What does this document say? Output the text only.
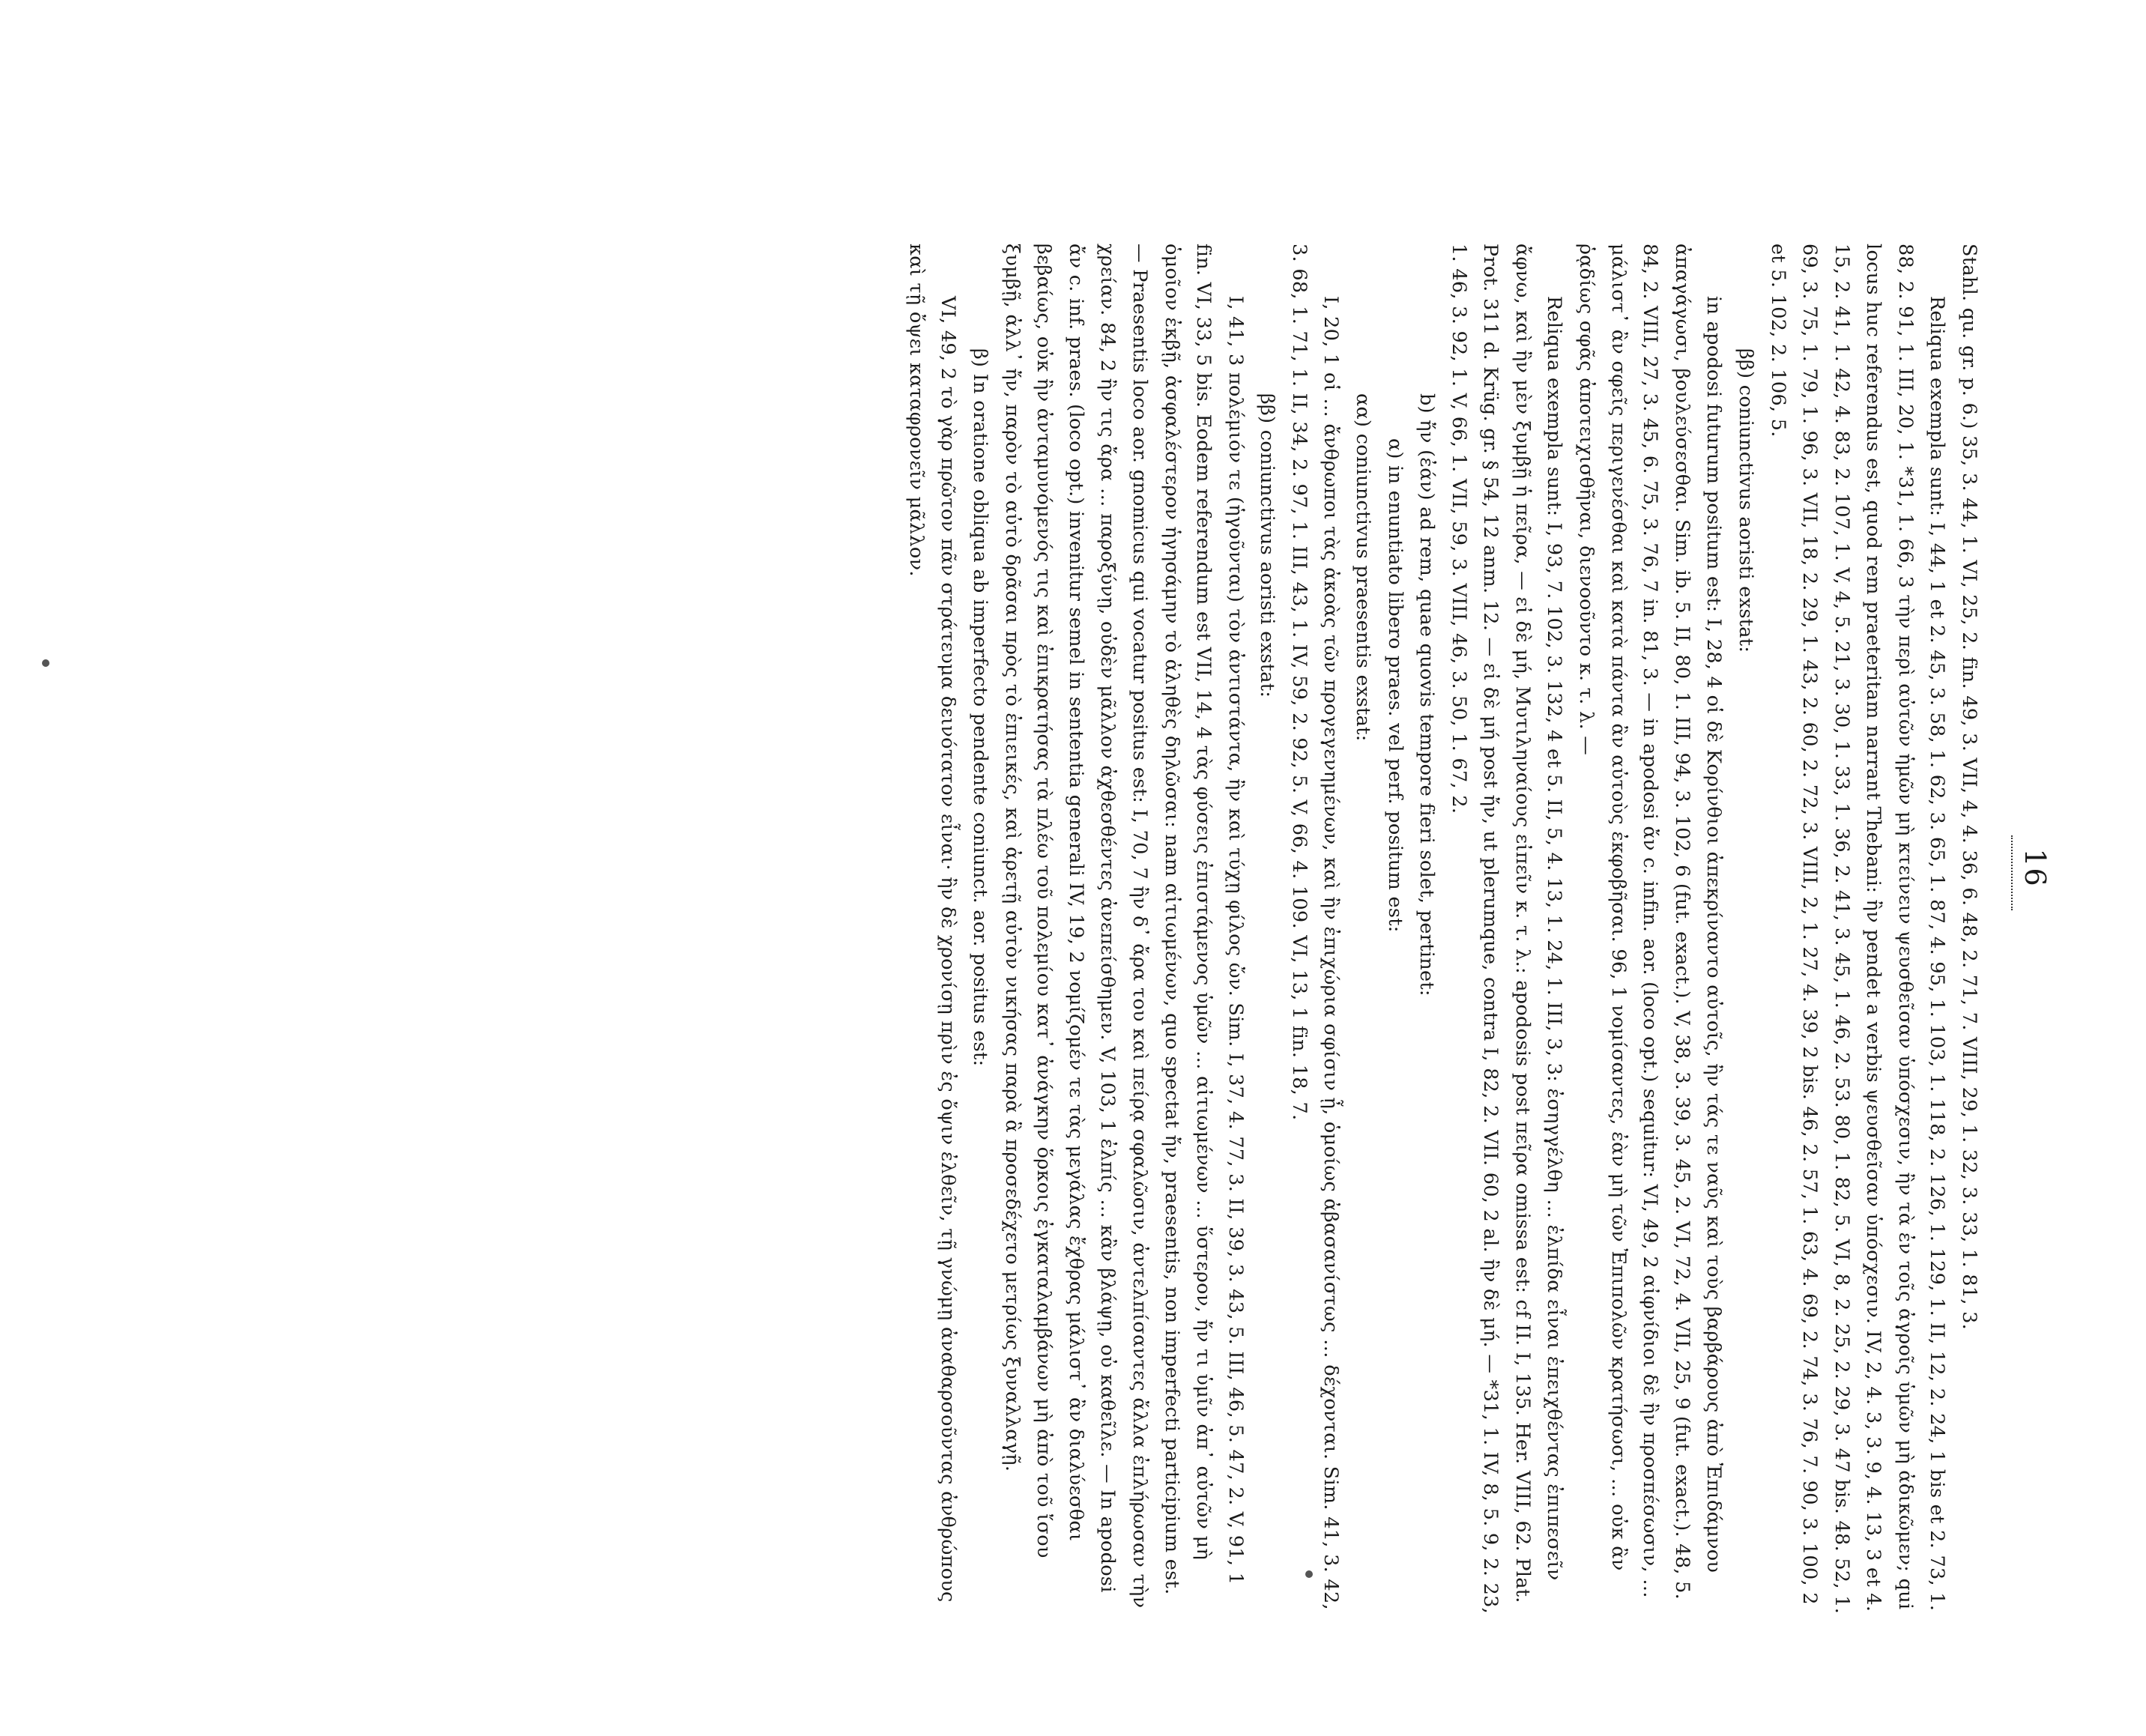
16

Stahl. qu. gr. p. 6.) 35, 3. 44, 1. VI, 25, 2. fin. 49, 3. VII, 4, 4. 36, 6. 48, 2. 71, 7. VIII, 29, 1. 32, 3. 33, 1. 81, 3.

Reliqua exempla sunt: I, 44, 1 et 2. 45, 3. 58, 1. 62, 3. 65, 1. 87, 4. 95, 1. 103, 1. 118, 2. 126, 1. 129, 1. II, 12, 2. 24, 1 bis et 2. 73, 1. 88, 2. 91, 1. III, 20, 1. *31, 1. 66, 3 τὴν περὶ αὐτῶν ἡμῶν μὴ κτείνειν ψευσθεῖσαν ὑπόσχεσιν, ἢν τὰ ἐν τοῖς ἀγροῖς ὑμῶν μὴ ἀδικῶμεν; qui locus huc referendus est, quod rem praeteritam narrant Thebani: ἢν pendet a verbis ψευσθεῖσαν ὑπόσχεσιν. IV, 2, 4. 3, 3. 9, 4. 13, 3 et 4. 15, 2. 41, 1. 42, 4. 83, 2. 107, 1. V, 4, 5. 21, 3. 30, 1. 33, 1. 36, 2. 41, 3. 45, 1. 46, 2. 53. 80, 1. 82, 5. VI, 8, 2. 25, 2. 29, 3. 47 bis. 48. 52, 1. 69, 3. 75, 1. 79, 1. 96, 3. VII, 18, 2. 29, 1. 43, 2. 60, 2. 72, 3. VIII, 2, 1. 27, 4. 39, 2 bis. 46, 2. 57, 1. 63, 4. 69, 2. 74, 3. 76, 7. 90, 3. 100, 2 et 5. 102, 2. 106, 5.

ββ) coniunctivus aoristi exstat:

in apodosi futurum positum est: I, 28, 4 οἱ δὲ Κορίνθιοι ἀπεκρίναντο αὐτοῖς, ἢν τάς τε ναῦς καὶ τοὺς βαρβάρους ἀπὸ Ἐπιδάμνου ἀπαγάγωσι, βουλεύσεσθαι. Sim. ib. 5. II, 80, 1. III, 94, 3. 102, 6 (fut. exact.). V, 38, 3. 39, 3. 45, 2. VI, 72, 4. VII, 25, 9 (fut. exact.). 48, 5. 84, 2. VIII, 27, 3. 45, 6. 75, 3. 76, 7 in. 81, 3. — in apodosi ἄν c. infin. aor. (loco opt.) sequitur: VI, 49, 2 αἰφνίδιοι δὲ ἢν προσπέσωσιν, … μάλιστ᾽ ἂν σφεῖς περιγενέσθαι καὶ κατὰ πάντα ἂν αὐτοὺς ἐκφοβῆσαι. 96, 1 νομίσαντες, ἐὰν μὴ τῶν Ἐπιπολῶν κρατήσωσι, … οὐκ ἂν ῥᾳδίως σφᾶς ἀποτειχισθῆναι, διενοοῦντο κ. τ. λ. —

Reliqua exempla sunt: I, 93, 7. 102, 3. 132, 4 et 5. II, 5, 4. 13, 1. 24, 1. III, 3, 3: ἐσηγγέλθη … ἐλπίδα εἶναι ἐπειχθέντας ἐπιπεσεῖν ἄφνω, καὶ ἢν μὲν ξυμβῇ ἡ πεῖρα, — εἰ δὲ μή, Μυτιληναίους εἰπεῖν κ. τ. λ.: apodosis post πεῖρα omissa est: cf II. I, 135. Her. VIII, 62. Plat. Prot. 311 d. Krüg. gr. § 54, 12 anm. 12. — εἰ δὲ μή post ἤν, ut plerumque, contra I, 82, 2. VII. 60, 2 al. ἢν δὲ μή. — *31, 1. IV, 8, 5. 9, 2. 23, 1. 46, 3. 92, 1. V, 66, 1. VII, 59, 3. VIII, 46, 3. 50, 1. 67, 2.

b) ἤν (ἐάν) ad rem, quae quovis tempore fieri solet, pertinet:

α) in enuntiato libero praes. vel perf. positum est:

αα) coniunctivus praesentis exstat:

I, 20, 1 οἱ … ἄνθρωποι τὰς ἀκοὰς τῶν προγεγενημένων, καὶ ἢν ἐπιχώρια σφίσιν ᾖ, ὁμοίως ἀβασανίστως … δέχονται. Sim. 41, 3. 42, 3. 68, 1. 71, 1. II, 34, 2. 97, 1. III, 43, 1. IV, 59, 2. 92, 5. V, 66, 4. 109. VI, 13, 1 fin. 18, 7.

ββ) coniunctivus aoristi exstat:

I, 41, 3 πολέμιόν τε (ἡγοῦνται) τὸν ἀντιστάντα, ἢν καὶ τύχῃ φίλος ὤν. Sim. I, 37, 4. 77, 3. II, 39, 3. 43, 5. III, 46, 5. 47, 2. V, 91, 1 fin. VI, 33, 5 bis. Eodem referendum est VII, 14, 4 τὰς φύσεις ἐπιστάμενος ὑμῶν … αἰτιωμένων … ὕστερον, ἤν τι ὑμῖν ἀπ᾽ αὐτῶν μὴ ὁμοῖον ἐκβῇ, ἀσφαλέστερον ἡγησάμην τὸ ἀληθὲς δηλῶσαι: nam αἰτιωμένων, quo spectat ἤν, praesentis, non imperfecti participium est. — Praesentis loco aor. gnomicus qui vocatur positus est: I, 70, 7 ἢν δ᾽ ἄρα του καὶ πείρᾳ σφαλῶσιν, ἀντελπίσαντες ἄλλα ἐπλήρωσαν τὴν χρείαν. 84, 2 ἢν τις ἄρα … παροξύνῃ, οὐδὲν μᾶλλον ἀχθεσθέντες ἀνεπείσθημεν. V, 103, 1 ἐλπίς … κἂν βλάψῃ, οὐ καθεῖλε. — In apodosi ἄν c. inf. praes. (loco opt.) invenitur semel in sententia generali IV, 19, 2 νομίζομέν τε τὰς μεγάλας ἔχθρας μάλιστ᾽ ἂν διαλύεσθαι βεβαίως, οὐκ ἢν ἀνταμυνόμενός τις καὶ ἐπικρατήσας τὰ πλέω τοῦ πολεμίου κατ᾽ ἀνάγκην ὅρκοις ἐγκαταλαμβάνων μὴ ἀπὸ τοῦ ἴσου ξυμβῇ, ἀλλ᾽ ἤν, παρὸν τὸ αὐτὸ δρᾶσαι πρὸς τὸ ἐπιεικές, καὶ ἀρετῇ αὐτὸν νικήσας παρὰ ἃ προσεδέχετο μετρίως ξυναλλαγῇ.

β) In oratione obliqua ab imperfecto pendente coniunct. aor. positus est:

VI, 49, 2 τὸ γὰρ πρῶτον πᾶν στράτευμα δεινότατον εἶναι· ἢν δὲ χρονίσῃ πρὶν ἐς ὄψιν ἐλθεῖν, τῇ γνώμῃ ἀναθαρσοῦντας ἀνθρώπους καὶ τῇ ὄψει καταφρονεῖν μᾶλλον.
